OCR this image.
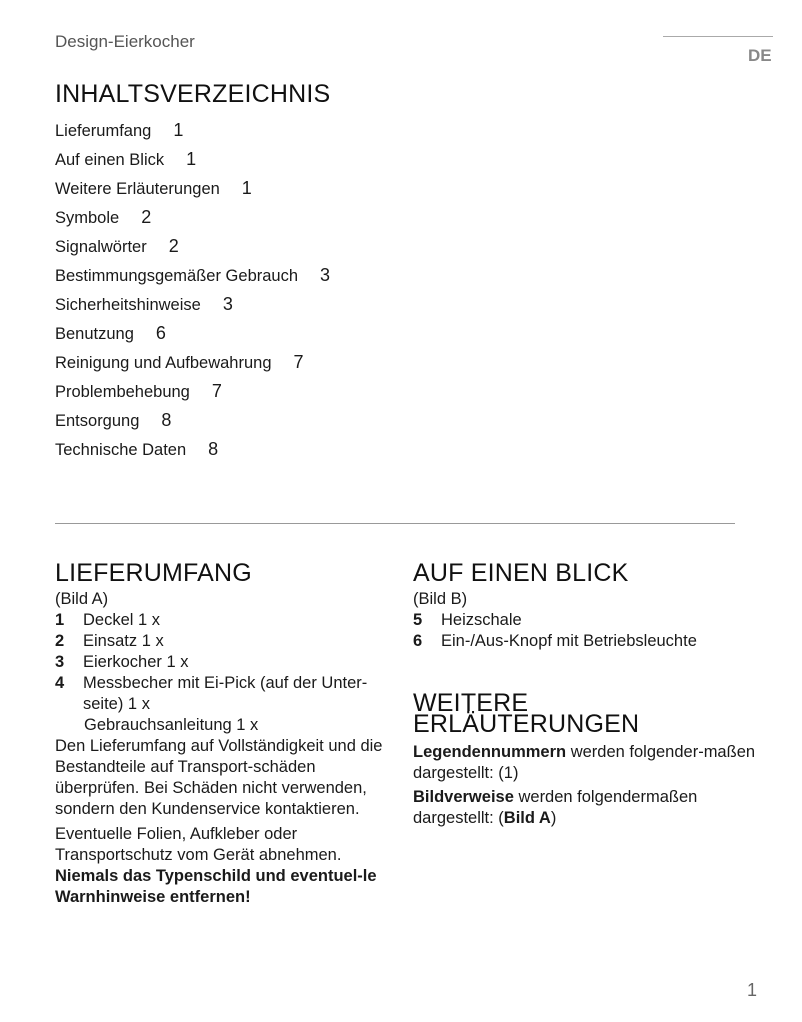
Design-Eierkocher
DE
INHALTSVERZEICHNIS
Lieferumfang 1
Auf einen Blick 1
Weitere Erläuterungen 1
Symbole 2
Signalwörter 2
Bestimmungsgemäßer Gebrauch 3
Sicherheitshinweise 3
Benutzung 6
Reinigung und Aufbewahrung 7
Problembehebung 7
Entsorgung 8
Technische Daten 8
LIEFERUMFANG

(Bild A)

1	Deckel 1 x
2	Einsatz 1 x
3	Eierkocher 1 x
4	Messbecher mit Ei-Pick (auf der Unter-seite) 1 x

Gebrauchsanleitung 1 x

Den Lieferumfang auf Vollständigkeit und die Bestandteile auf Transport-schäden überprüfen. Bei Schäden nicht verwenden, sondern den Kundenservice kontaktieren.

Eventuelle Folien, Aufkleber oder Transportschutz vom Gerät abnehmen.

Niemals das Typenschild und eventuel-le Warnhinweise entfernen!

AUF EINEN BLICK

(Bild B)

5	Heizschale
6	Ein-/Aus-Knopf mit Betriebsleuchte
WEITERE ERLÄUTERUNGEN

Legendennummern werden folgender-maßen dargestellt: (1)

Bildverweise werden folgendermaßen dargestellt: (Bild A)

1
